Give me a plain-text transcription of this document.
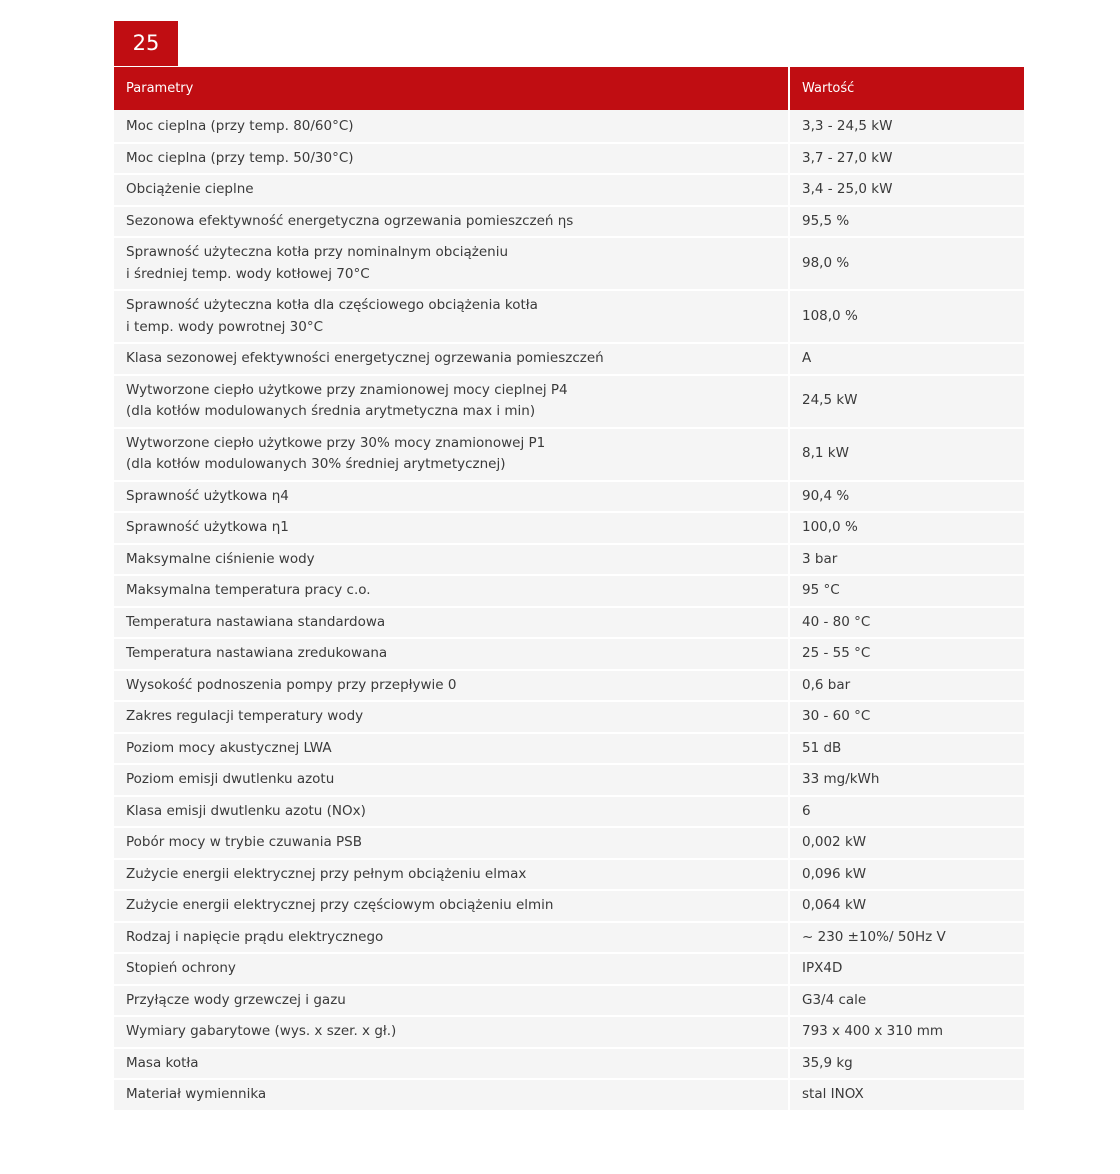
25
Parametry	Wartość
Moc cieplna (przy temp. 80/60°C)	3,3 - 24,5 kW
Moc cieplna (przy temp. 50/30°C)	3,7 - 27,0 kW
Obciążenie cieplne	3,4 - 25,0 kW
Sezonowa efektywność energetyczna ogrzewania pomieszczeń ηs	95,5 %
Sprawność użyteczna kotła przy nominalnym obciążeniu
i średniej temp. wody kotłowej 70°C	98,0 %
Sprawność użyteczna kotła dla częściowego obciążenia kotła
i temp. wody powrotnej 30°C	108,0 %
Klasa sezonowej efektywności energetycznej ogrzewania pomieszczeń	A
Wytworzone ciepło użytkowe przy znamionowej mocy cieplnej P4
(dla kotłów modulowanych średnia arytmetyczna max i min)	24,5 kW
Wytworzone ciepło użytkowe przy 30% mocy znamionowej P1
(dla kotłów modulowanych 30% średniej arytmetycznej)	8,1 kW
Sprawność użytkowa η4	90,4 %
Sprawność użytkowa η1	100,0 %
Maksymalne ciśnienie wody	3 bar
Maksymalna temperatura pracy c.o.	95 °C
Temperatura nastawiana standardowa	40 - 80 °C
Temperatura nastawiana zredukowana	25 - 55 °C
Wysokość podnoszenia pompy przy przepływie 0	0,6 bar
Zakres regulacji temperatury wody	30 - 60 °C
Poziom mocy akustycznej LWA	51 dB
Poziom emisji dwutlenku azotu	33 mg/kWh
Klasa emisji dwutlenku azotu (NOx)	6
Pobór mocy w trybie czuwania PSB	0,002 kW
Zużycie energii elektrycznej przy pełnym obciążeniu elmax	0,096 kW
Zużycie energii elektrycznej przy częściowym obciążeniu elmin	0,064 kW
Rodzaj i napięcie prądu elektrycznego	~ 230 ±10%/ 50Hz V
Stopień ochrony	IPX4D
Przyłącze wody grzewczej i gazu	G3/4 cale
Wymiary gabarytowe (wys. x szer. x gł.)	793 x 400 x 310 mm
Masa kotła	35,9 kg
Materiał wymiennika	stal INOX
